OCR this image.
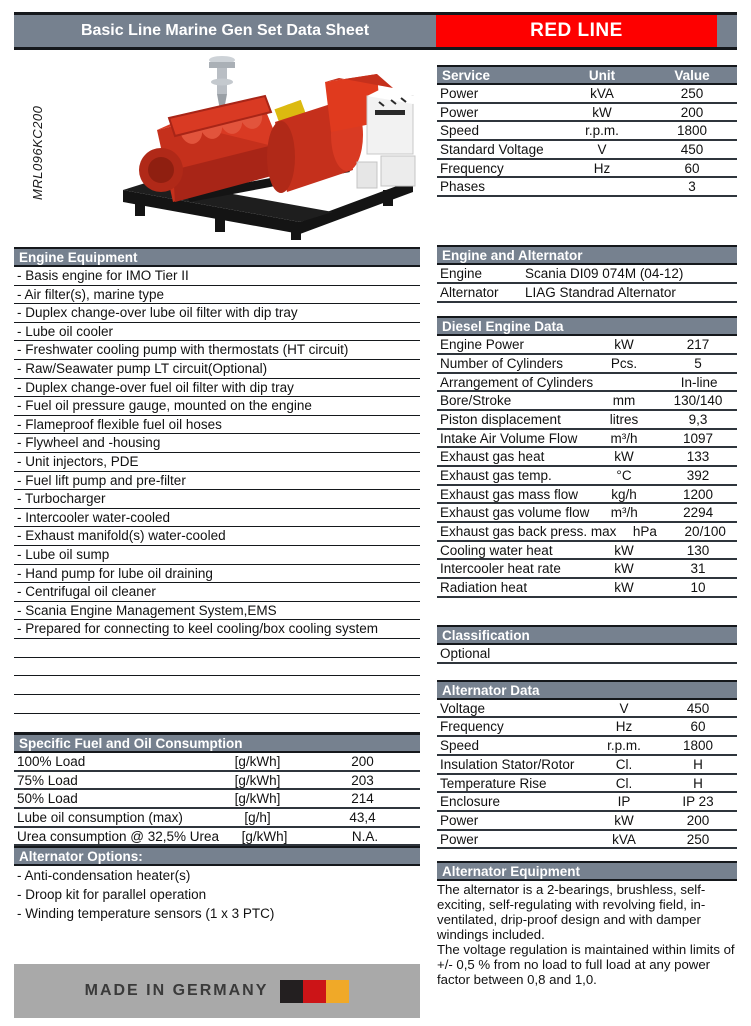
Basic Line Marine Gen Set Data Sheet	RED LINE
MRL096KC200
Service	Unit	Value
Power	kVA	250
Power	kW	200
Speed	r.p.m.	1800
Standard Voltage	V	450
Frequency	Hz	60
Phases	3
Engine and Alternator
Engine	Scania DI09 074M (04-12)
Alternator	LIAG Standrad Alternator
Diesel Engine Data
Engine Power	kW	217
Number of Cylinders	Pcs.	5
Arrangement of Cylinders	In-line
Bore/Stroke	mm	130/140
Piston displacement	litres	9,3
Intake Air Volume Flow	m³/h	1097
Exhaust gas heat	kW	133
Exhaust gas temp.	°C	392
Exhaust gas mass flow	kg/h	1200
Exhaust gas volume flow	m³/h	2294
Exhaust gas back press. max	hPa	20/100
Cooling water heat	kW	130
Intercooler heat rate	kW	31
Radiation heat	kW	10
Classification
Optional
Alternator Data
Voltage	V	450
Frequency	Hz	60
Speed	r.p.m.	1800
Insulation Stator/Rotor	Cl.	H
Temperature Rise	Cl.	H
Enclosure	IP	IP 23
Power	kW	200
Power	kVA	250
Alternator Equipment
The alternator is a 2-bearings, brushless, self-exciting, self-regulating with revolving field, in-ventilated, drip-proof design and with damper windings included.
The voltage regulation is maintained within limits of +/- 0,5 % from no load to full load at any power factor between 0,8 and 1,0.
Engine Equipment
- Basis engine for IMO Tier II
- Air filter(s), marine type
- Duplex change-over lube oil filter with dip tray
- Lube oil cooler
- Freshwater cooling pump with thermostats (HT circuit)
- Raw/Seawater pump LT circuit(Optional)
- Duplex change-over fuel oil filter with dip tray
- Fuel oil pressure gauge, mounted on the engine
- Flameproof flexible fuel oil hoses
- Flywheel and -housing
- Unit injectors, PDE
- Fuel lift pump and pre-filter
- Turbocharger
- Intercooler water-cooled
- Exhaust manifold(s) water-cooled
- Lube oil sump
- Hand pump for lube oil draining
- Centrifugal oil cleaner
- Scania Engine Management System,EMS
- Prepared for connecting to keel cooling/box cooling system
Specific Fuel and Oil Consumption
100% Load	[g/kWh]	200
75% Load	[g/kWh]	203
50% Load	[g/kWh]	214
Lube oil consumption (max)	[g/h]	43,4
Urea consumption @ 32,5% Urea	[g/kWh]	N.A.
Alternator Options:
- Anti-condensation heater(s)
- Droop kit for parallel operation
- Winding temperature sensors (1 x 3 PTC)
MADE IN GERMANY
